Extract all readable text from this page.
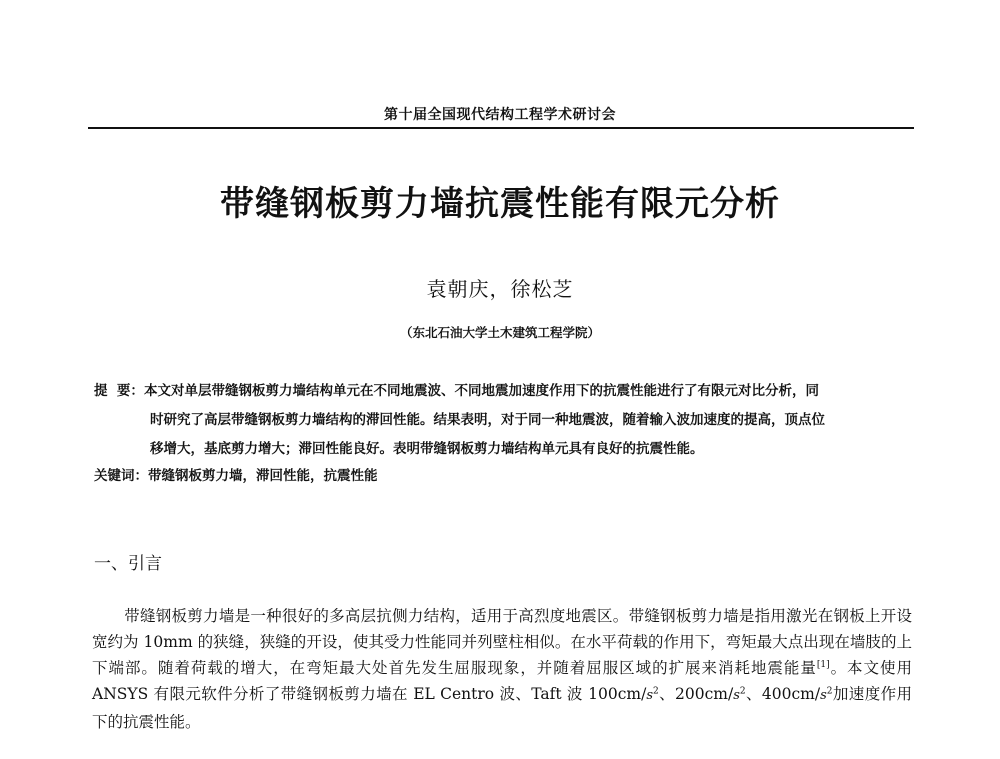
第十届全国现代结构工程学术研讨会
带缝钢板剪力墙抗震性能有限元分析
袁朝庆，徐松芝
（东北石油大学土木建筑工程学院）
提  要： 本文对单层带缝钢板剪力墙结构单元在不同地震波、不同地震加速度作用下的抗震性能进行了有限元对比分析，同
时研究了高层带缝钢板剪力墙结构的滞回性能。结果表明，对于同一种地震波，随着输入波加速度的提高，顶点位
移增大，基底剪力增大；滞回性能良好。表明带缝钢板剪力墙结构单元具有良好的抗震性能。
关键词：带缝钢板剪力墙，滞回性能，抗震性能
一、引言
带缝钢板剪力墙是一种很好的多高层抗侧力结构，适用于高烈度地震区。带缝钢板剪力墙是指用激光在钢板上开设宽约为 10mm 的狭缝，狭缝的开设，使其受力性能同并列壁柱相似。在水平荷载的作用下，弯矩最大点出现在墙肢的上下端部。随着荷载的增大，在弯矩最大处首先发生屈服现象，并随着屈服区域的扩展来消耗地震能量[1]。本文使用 ANSYS 有限元软件分析了带缝钢板剪力墙在 EL Centro 波、Taft 波 $100cm/s^2$、$200cm/s^2$、$400cm/s^2$加速度作用下的抗震性能。
